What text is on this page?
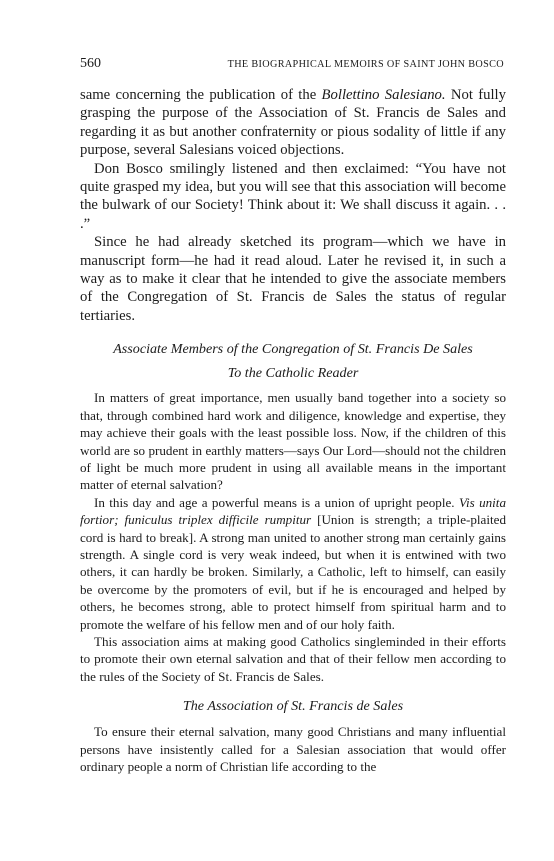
560	THE BIOGRAPHICAL MEMOIRS OF SAINT JOHN BOSCO

same concerning the publication of the Bollettino Salesiano. Not fully grasping the purpose of the Association of St. Francis de Sales and regarding it as but another confraternity or pious sodality of little if any purpose, several Salesians voiced objections.

Don Bosco smilingly listened and then exclaimed: “You have not quite grasped my idea, but you will see that this association will become the bulwark of our Society! Think about it: We shall discuss it again. . . .”

Since he had already sketched its program—which we have in manuscript form—he had it read aloud. Later he revised it, in such a way as to make it clear that he intended to give the associate members of the Congregation of St. Francis de Sales the status of regular tertiaries.

Associate Members of the Congregation of St. Francis De Sales

To the Catholic Reader

In matters of great importance, men usually band together into a society so that, through combined hard work and diligence, knowledge and expertise, they may achieve their goals with the least possible loss. Now, if the children of this world are so prudent in earthly matters—says Our Lord—should not the children of light be much more prudent in using all available means in the important matter of eternal salvation?

In this day and age a powerful means is a union of upright people. Vis unita fortior; funiculus triplex difficile rumpitur [Union is strength; a triple-plaited cord is hard to break]. A strong man united to another strong man certainly gains strength. A single cord is very weak indeed, but when it is entwined with two others, it can hardly be broken. Similarly, a Catholic, left to himself, can easily be overcome by the promoters of evil, but if he is encouraged and helped by others, he becomes strong, able to protect himself from spiritual harm and to promote the welfare of his fellow men and of our holy faith.

This association aims at making good Catholics singleminded in their efforts to promote their own eternal salvation and that of their fellow men according to the rules of the Society of St. Francis de Sales.

The Association of St. Francis de Sales

To ensure their eternal salvation, many good Christians and many influential persons have insistently called for a Salesian association that would offer ordinary people a norm of Christian life according to the
